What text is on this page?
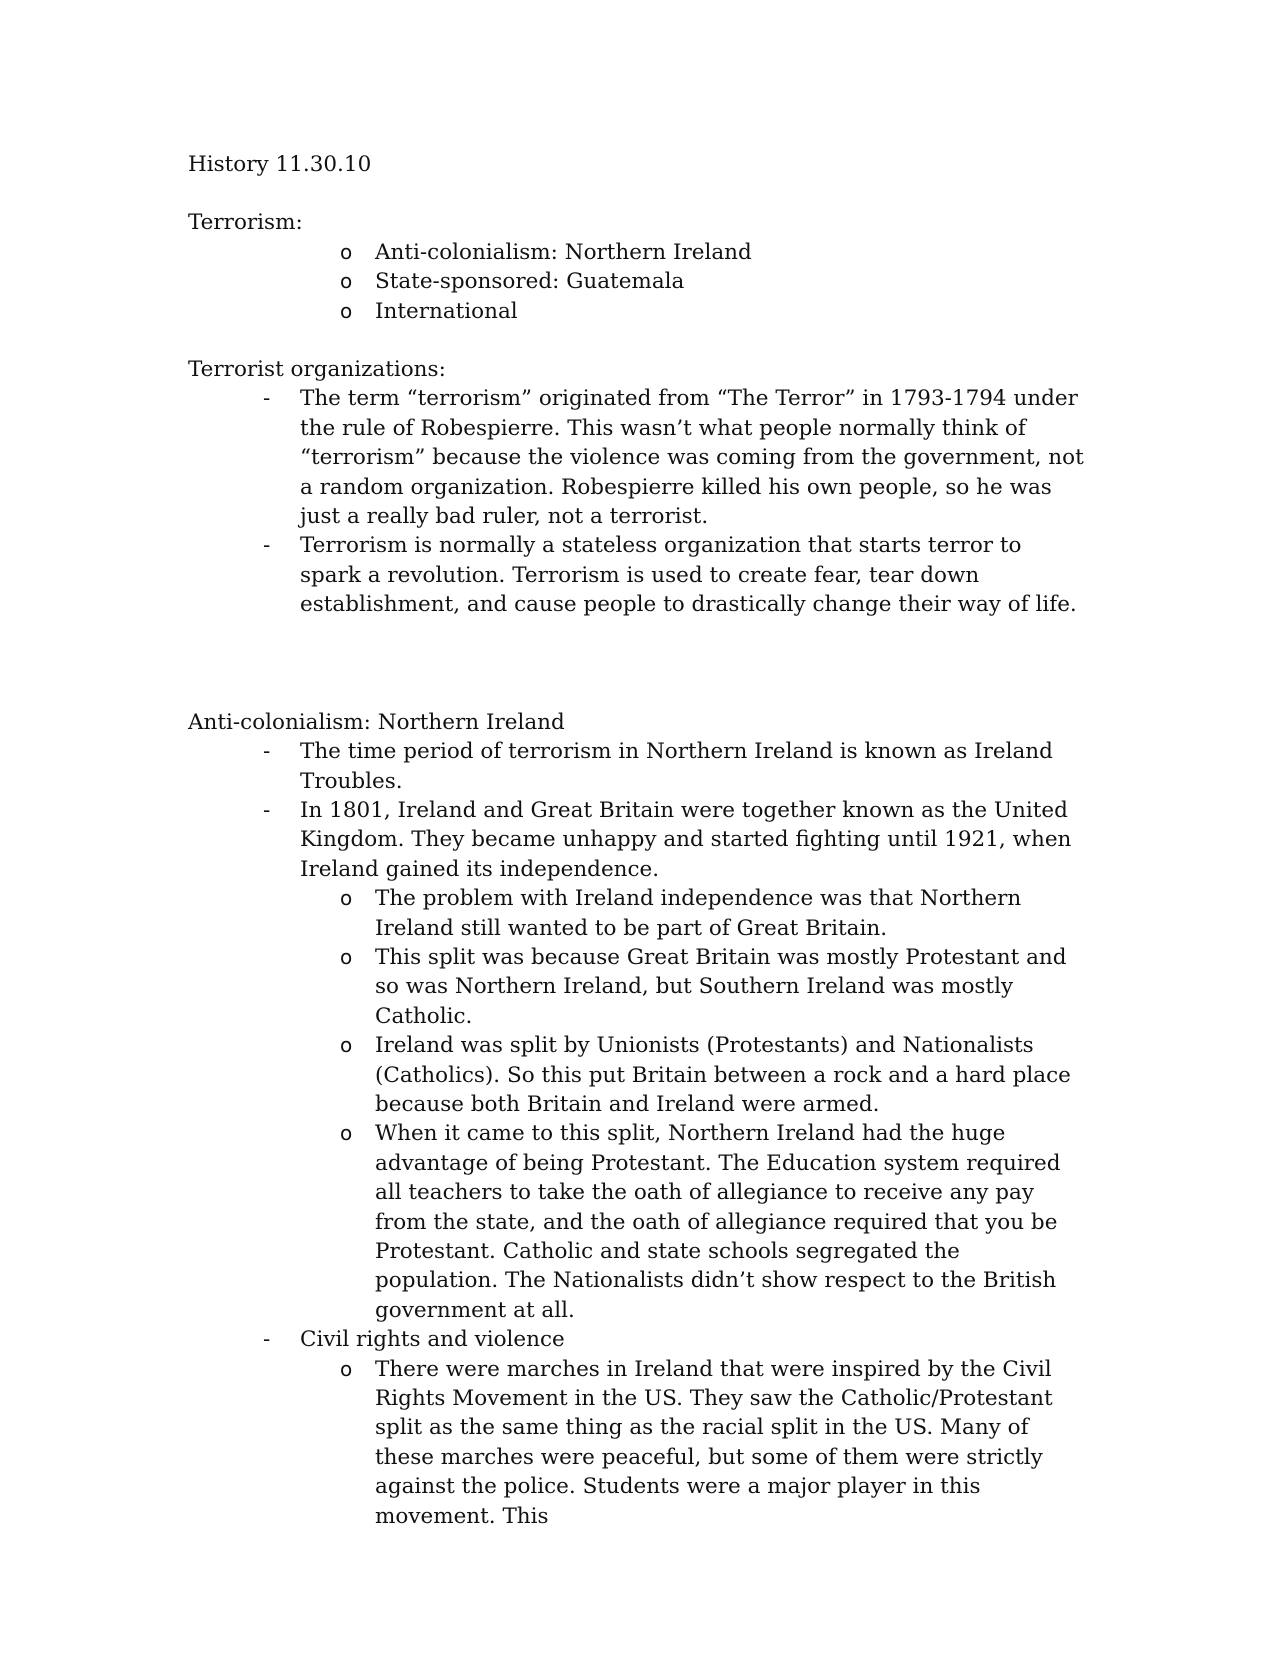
History 11.30.10

Terrorism:

o Anti-colonialism: Northern Ireland
o State-sponsored: Guatemala
o International

Terrorist organizations:

- The term “terrorism” originated from “The Terror” in 1793-1794 under the rule of Robespierre. This wasn’t what people normally think of “terrorism” because the violence was coming from the government, not a random organization. Robespierre killed his own people, so he was just a really bad ruler, not a terrorist.
- Terrorism is normally a stateless organization that starts terror to spark a revolution. Terrorism is used to create fear, tear down establishment, and cause people to drastically change their way of life.

Anti-colonialism: Northern Ireland

- The time period of terrorism in Northern Ireland is known as Ireland Troubles.
- In 1801, Ireland and Great Britain were together known as the United Kingdom. They became unhappy and started fighting until 1921, when Ireland gained its independence.
o The problem with Ireland independence was that Northern Ireland still wanted to be part of Great Britain.
o This split was because Great Britain was mostly Protestant and so was Northern Ireland, but Southern Ireland was mostly Catholic.
o Ireland was split by Unionists (Protestants) and Nationalists (Catholics). So this put Britain between a rock and a hard place because both Britain and Ireland were armed.
o When it came to this split, Northern Ireland had the huge advantage of being Protestant. The Education system required all teachers to take the oath of allegiance to receive any pay from the state, and the oath of allegiance required that you be Protestant. Catholic and state schools segregated the population. The Nationalists didn’t show respect to the British government at all.
- Civil rights and violence
o There were marches in Ireland that were inspired by the Civil Rights Movement in the US. They saw the Catholic/Protestant split as the same thing as the racial split in the US. Many of these marches were peaceful, but some of them were strictly against the police. Students were a major player in this movement. This
